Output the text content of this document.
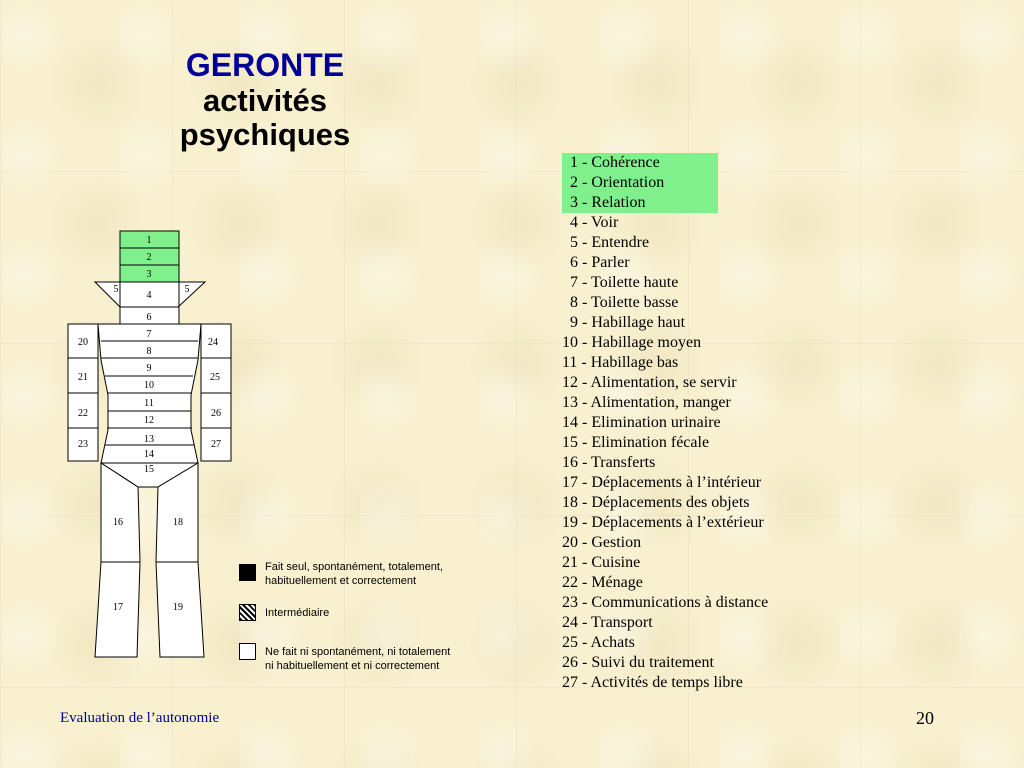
GERONTE
activités
psychiques
1
2
3
4
6
7
8
9
10
11
12
13
14
15
16
17
18
19
20
21
22
23
24
25
26
27
5	5
Fait seul, spontanément, totalement,
habituellement et correctement
Intermédiaire
Ne fait ni spontanément, ni totalement
ni habituellement et ni correctement
1 - Cohérence
2 - Orientation
3 - Relation
4 - Voir
5 - Entendre
6 - Parler
7 - Toilette haute
8 - Toilette basse
9 - Habillage haut
10 - Habillage moyen
11 - Habillage bas
12 - Alimentation, se servir
13 - Alimentation, manger
14 - Elimination urinaire
15 - Elimination fécale
16 - Transferts
17 - Déplacements à l’intérieur
18 - Déplacements des objets
19 - Déplacements à l’extérieur
20 - Gestion
21 - Cuisine
22 - Ménage
23 - Communications à distance
24 - Transport
25 - Achats
26 - Suivi du traitement
27 - Activités de temps libre
Evaluation de l’autonomie	20
